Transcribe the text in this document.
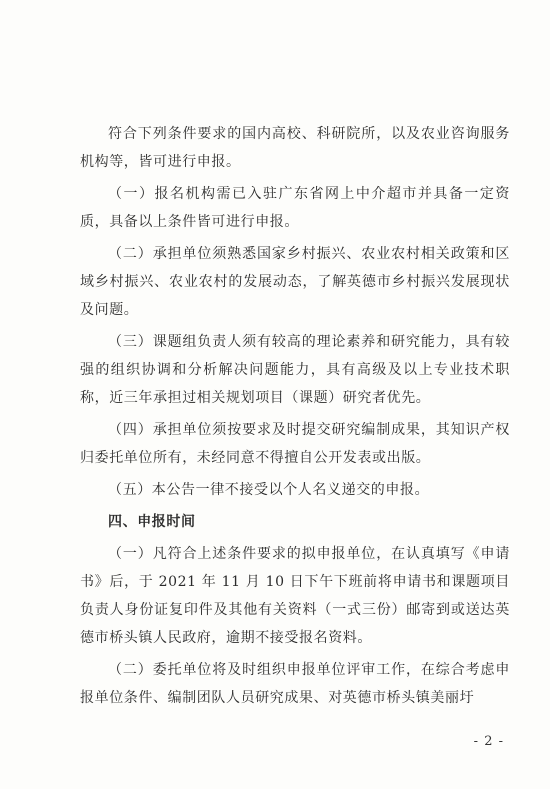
符合下列条件要求的国内高校、科研院所，以及农业咨询服务机构等，皆可进行申报。

（一）报名机构需已入驻广东省网上中介超市并具备一定资质，具备以上条件皆可进行申报。

（二）承担单位须熟悉国家乡村振兴、农业农村相关政策和区域乡村振兴、农业农村的发展动态，了解英德市乡村振兴发展现状及问题。

（三）课题组负责人须有较高的理论素养和研究能力，具有较强的组织协调和分析解决问题能力，具有高级及以上专业技术职称，近三年承担过相关规划项目（课题）研究者优先。

（四）承担单位须按要求及时提交研究编制成果，其知识产权归委托单位所有，未经同意不得擅自公开发表或出版。

（五）本公告一律不接受以个人名义递交的申报。

四、申报时间

（一）凡符合上述条件要求的拟申报单位，在认真填写《申请书》后，于 2021 年 11 月 10 日下午下班前将申请书和课题项目负责人身份证复印件及其他有关资料（一式三份）邮寄到或送达英德市桥头镇人民政府，逾期不接受报名资料。

（二）委托单位将及时组织申报单位评审工作，在综合考虑申报单位条件、编制团队人员研究成果、对英德市桥头镇美丽圩

- 2 -
